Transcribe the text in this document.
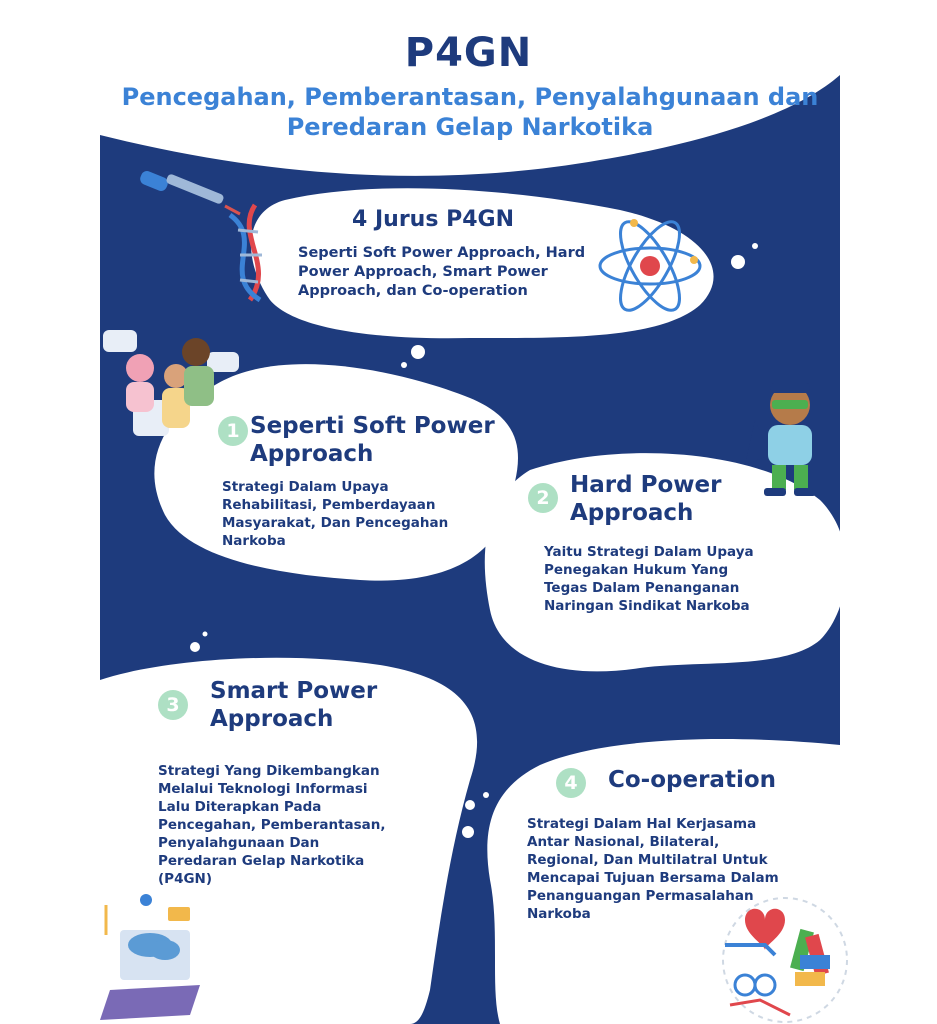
P4GN

Pencegahan, Pemberantasan, Penyalahgunaan dan Peredaran Gelap Narkotika

4 Jurus P4GN
Seperti Soft Power Approach, Hard Power Approach, Smart Power Approach, dan Co-operation
1 Seperti Soft Power
Approach
Strategi Dalam Upaya Rehabilitasi, Pemberdayaan Masyarakat, Dan Pencegahan Narkoba
2 Hard Power
Approach
Yaitu Strategi Dalam Upaya Penegakan Hukum Yang Tegas Dalam Penanganan Naringan Sindikat Narkoba
3
Smart Power
Approach
Strategi Yang Dikembangkan Melalui Teknologi Informasi Lalu Diterapkan Pada Pencegahan, Pemberantasan, Penyalahgunaan Dan Peredaran Gelap Narkotika (P4GN)
4	Co-operation
Strategi Dalam Hal Kerjasama Antar Nasional, Bilateral, Regional, Dan Multilatral Untuk Mencapai Tujuan Bersama Dalam Penanguangan Permasalahan Narkoba
